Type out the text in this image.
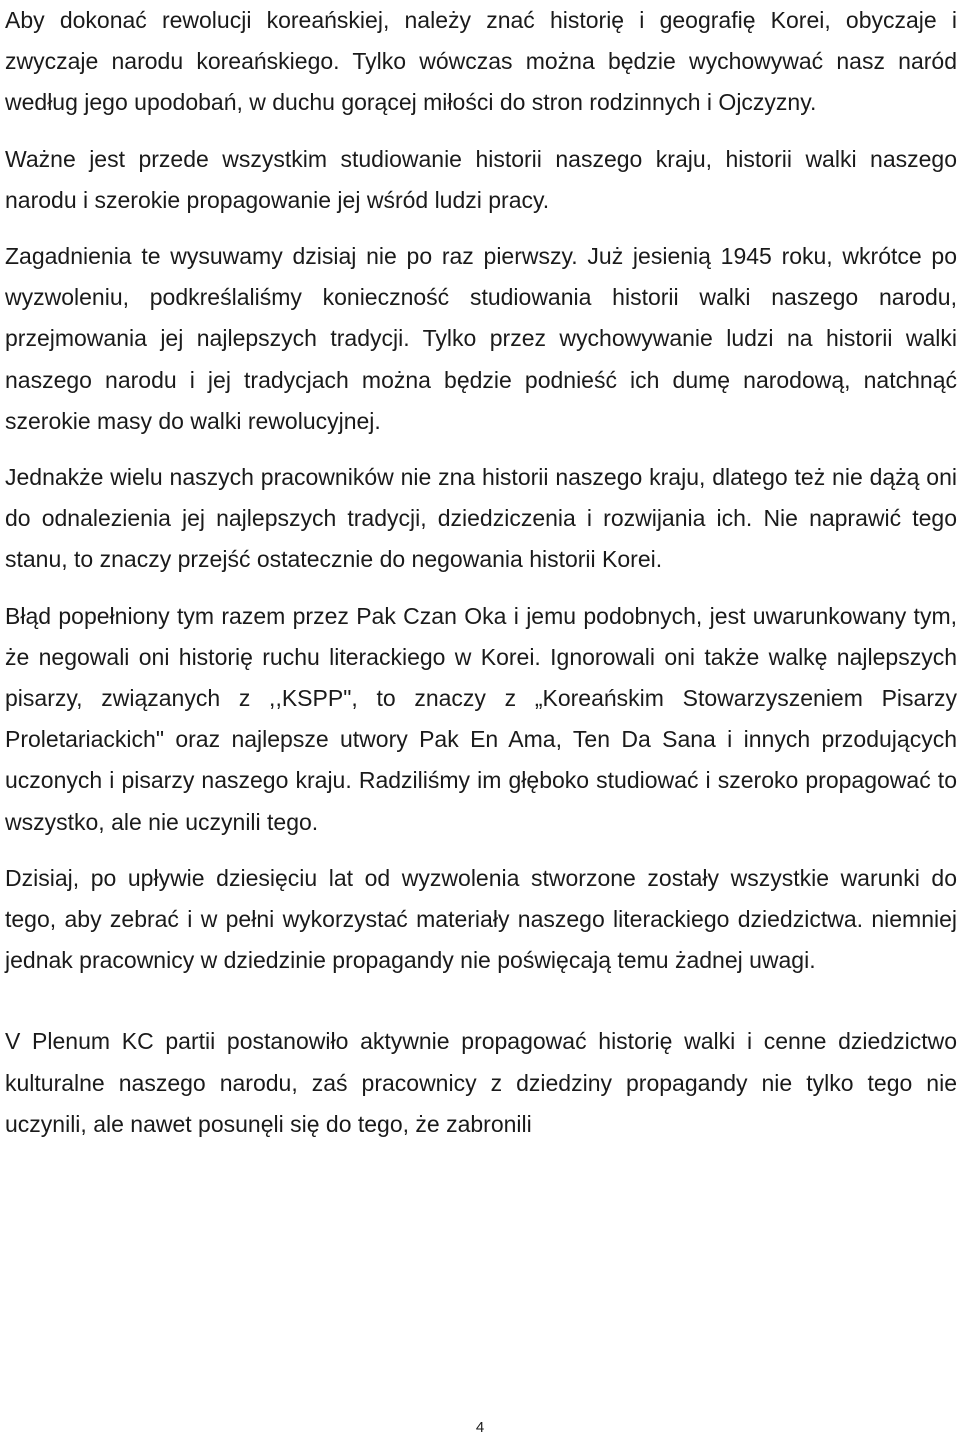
Aby dokonać rewolucji koreańskiej, należy znać historię i geografię Korei, obyczaje i zwyczaje narodu koreańskiego. Tylko wówczas można będzie wychowywać nasz naród według jego upodobań, w duchu gorącej miłości do stron rodzinnych i Ojczyzny.

Ważne jest przede wszystkim studiowanie historii naszego kraju, historii walki naszego narodu i szerokie propagowanie jej wśród ludzi pracy.

Zagadnienia te wysuwamy dzisiaj nie po raz pierwszy. Już jesienią 1945 roku, wkrótce po wyzwoleniu, podkreślaliśmy konieczność studiowania historii walki naszego narodu, przejmowania jej najlepszych tradycji. Tylko przez wychowywanie ludzi na historii walki naszego narodu i jej tradycjach można będzie podnieść ich dumę narodową, natchnąć szerokie masy do walki rewolucyjnej.

Jednakże wielu naszych pracowników nie zna historii naszego kraju, dlatego też nie dążą oni do odnalezienia jej najlepszych tradycji, dziedziczenia i rozwijania ich. Nie naprawić tego stanu, to znaczy przejść ostatecznie do negowania historii Korei.

Błąd popełniony tym razem przez Pak Czan Oka i jemu podobnych, jest uwarunkowany tym, że negowali oni historię ruchu literackiego w Korei. Ignorowali oni także walkę najlepszych pisarzy, związanych z ,,KSPP", to znaczy z „Koreańskim Stowarzyszeniem Pisarzy Proletariackich" oraz najlepsze utwory Pak En Ama, Ten Da Sana i innych przodujących uczonych i pisarzy naszego kraju. Radziliśmy im głęboko studiować i szeroko propagować to wszystko, ale nie uczynili tego.

Dzisiaj, po upływie dziesięciu lat od wyzwolenia stworzone zostały wszystkie warunki do tego, aby zebrać i w pełni wykorzystać materiały naszego literackiego dziedzictwa. niemniej jednak pracownicy w dziedzinie propagandy nie poświęcają temu żadnej uwagi.

V Plenum KC partii postanowiło aktywnie propagować historię walki i cenne dziedzictwo kulturalne naszego narodu, zaś pracownicy z dziedziny propagandy nie tylko tego nie uczynili, ale nawet posunęli się do tego, że zabronili

4
